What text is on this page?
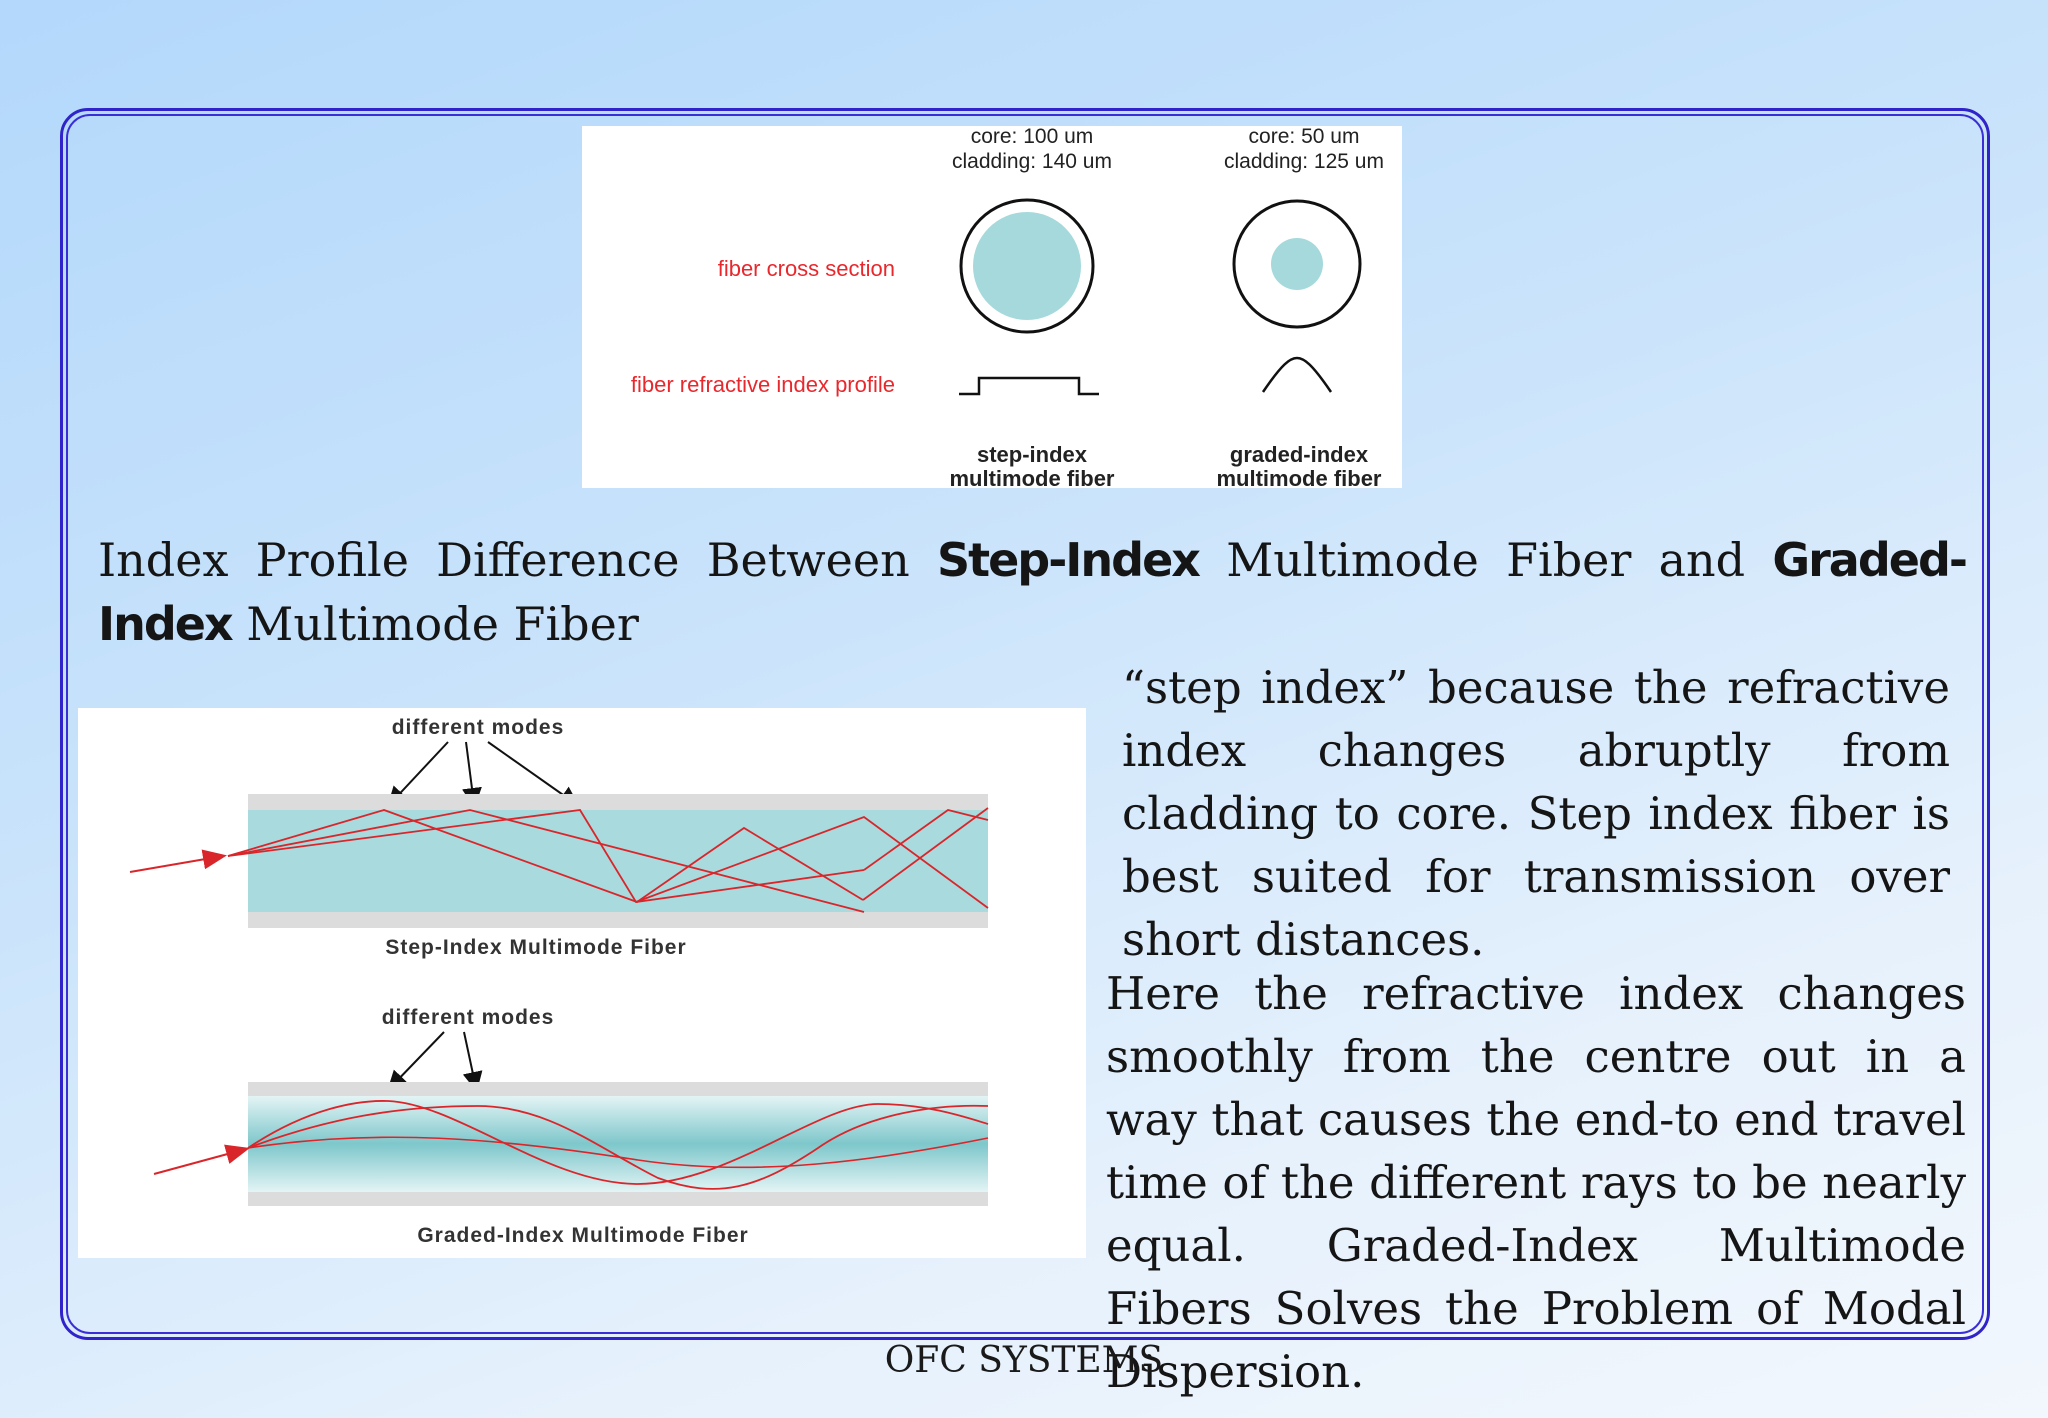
core: 100 um
cladding: 140 um
core: 50 um
cladding: 125 um
fiber cross section
fiber refractive index profile
step-index
multimode fiber
graded-index
multimode fiber
Index Profile Difference Between Step-Index Multimode Fiber and Graded-Index Multimode Fiber
different modes
Step-Index Multimode Fiber
different modes
Graded-Index Multimode Fiber
“step index” because the refractive index changes abruptly from cladding to core. Step index fiber is best suited for transmission over short distances.
Here the refractive index changes smoothly from the centre out in a way that causes the end-to end travel time of the different rays to be nearly equal. Graded-Index Multimode Fibers Solves the Problem of Modal Dispersion.
OFC SYSTEMS
